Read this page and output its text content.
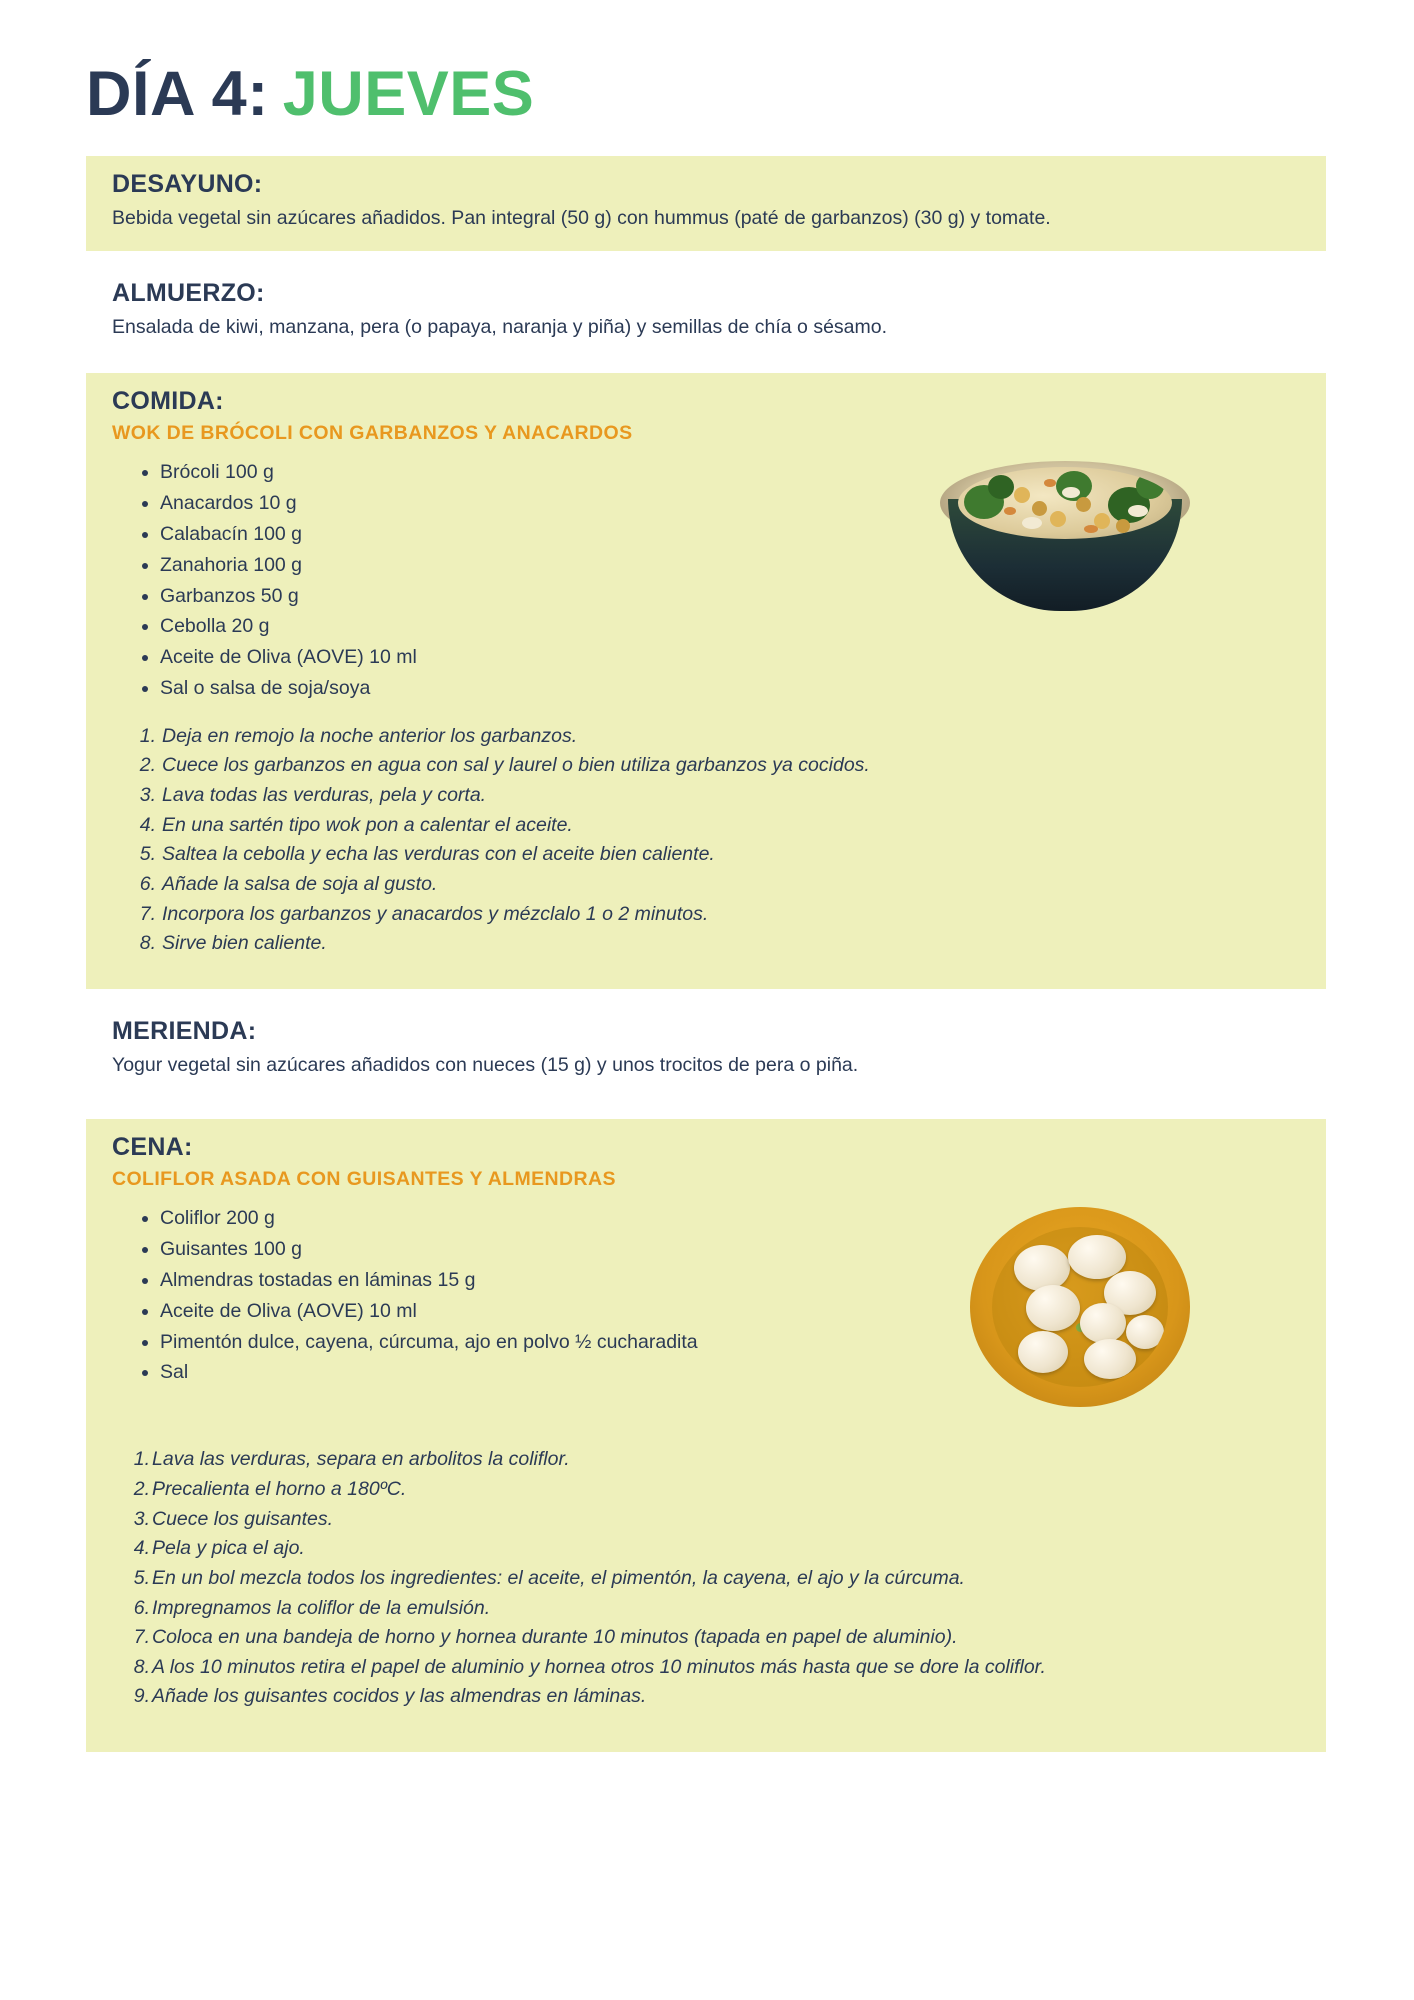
DÍA 4: JUEVES
DESAYUNO:

Bebida vegetal sin azúcares añadidos. Pan integral (50 g) con hummus (paté de garbanzos) (30 g) y tomate.

ALMUERZO:

Ensalada de kiwi, manzana, pera (o papaya, naranja y piña) y semillas de chía o sésamo.

COMIDA:
WOK DE BRÓCOLI CON GARBANZOS Y ANACARDOS
• Brócoli 100 g
• Anacardos 10 g
• Calabacín 100 g
• Zanahoria 100 g
• Garbanzos 50 g
• Cebolla 20 g
• Aceite de Oliva (AOVE) 10 ml
• Sal o salsa de soja/soya
1. Deja en remojo la noche anterior los garbanzos.
2. Cuece los garbanzos en agua con sal y laurel o bien utiliza garbanzos ya cocidos.
3. Lava todas las verduras, pela y corta.
4. En una sartén tipo wok pon a calentar el aceite.
5. Saltea la cebolla y echa las verduras con el aceite bien caliente.
6. Añade la salsa de soja al gusto.
7. Incorpora los garbanzos y anacardos y mézclalo 1 o 2 minutos.
8. Sirve bien caliente.
MERIENDA:

Yogur vegetal sin azúcares añadidos con nueces (15 g) y unos trocitos de pera o piña.

CENA:
COLIFLOR ASADA CON GUISANTES Y ALMENDRAS
• Coliflor 200 g
• Guisantes 100 g
• Almendras tostadas en láminas 15 g
• Aceite de Oliva (AOVE) 10 ml
• Pimentón dulce, cayena, cúrcuma, ajo en polvo ½ cucharadita
• Sal
1. Lava las verduras, separa en arbolitos la coliflor.
2. Precalienta el horno a 180ºC.
3. Cuece los guisantes.
4. Pela y pica el ajo.
5. En un bol mezcla todos los ingredientes: el aceite, el pimentón, la cayena, el ajo y la cúrcuma.
6. Impregnamos la coliflor de la emulsión.
7. Coloca en una bandeja de horno y hornea durante 10 minutos (tapada en papel de aluminio).
8. A los 10 minutos retira el papel de aluminio y hornea otros 10 minutos más hasta que se dore la coliflor.
9. Añade los guisantes cocidos y las almendras en láminas.
